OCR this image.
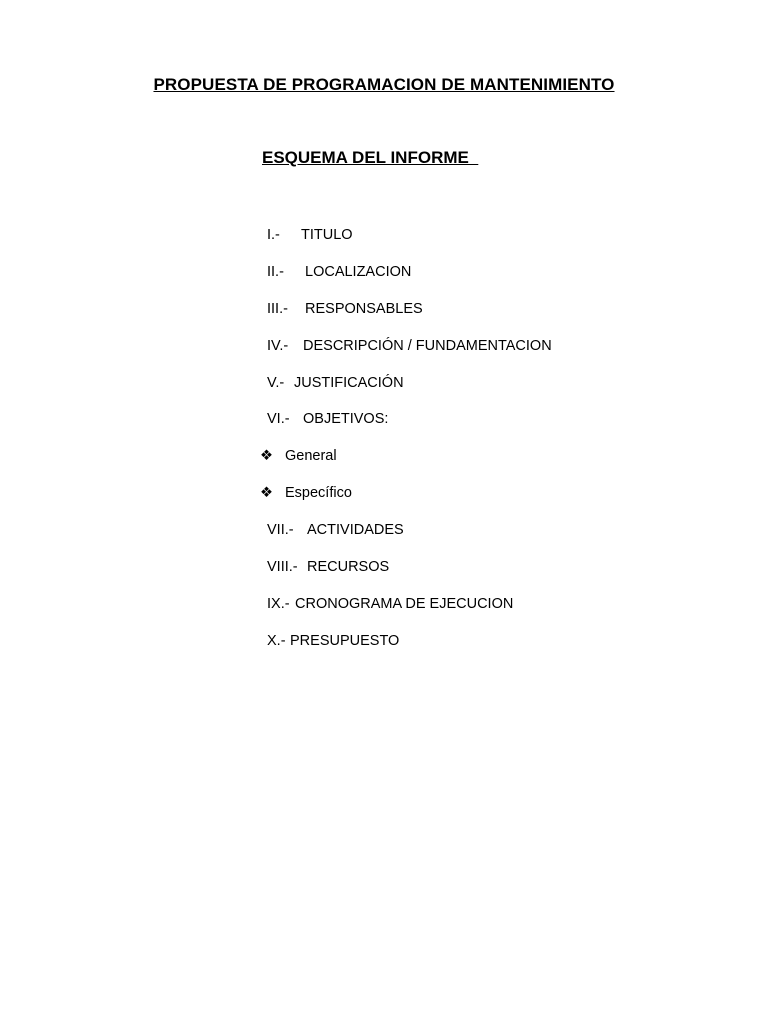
PROPUESTA DE PROGRAMACION DE MANTENIMIENTO
ESQUEMA DEL INFORME
I.- TITULO
II.- LOCALIZACION
III.- RESPONSABLES
IV.- DESCRIPCIÓN / FUNDAMENTACION
V.- JUSTIFICACIÓN
VI.- OBJETIVOS:
❖ General
❖ Específico
VII.- ACTIVIDADES
VIII.- RECURSOS
IX.- CRONOGRAMA DE EJECUCION
X.- PRESUPUESTO
